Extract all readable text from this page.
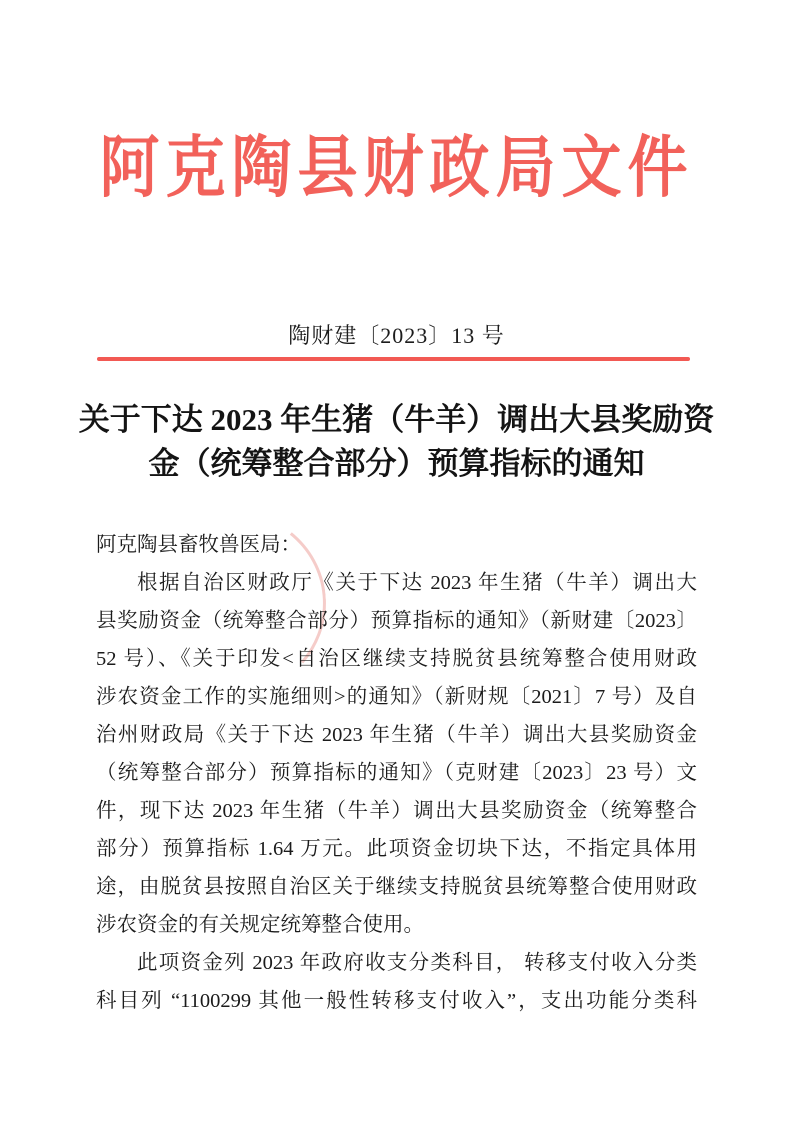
阿克陶县财政局文件
陶财建〔2023〕13 号
关于下达 2023 年生猪（牛羊）调出大县奖励资
金（统筹整合部分）预算指标的通知
阿克陶县畜牧兽医局：
根据自治区财政厅《关于下达 2023 年生猪（牛羊）调出大
县奖励资金（统筹整合部分）预算指标的通知》（新财建〔2023〕
52 号）、《关于印发<自治区继续支持脱贫县统筹整合使用财政
涉农资金工作的实施细则>的通知》（新财规〔2021〕7 号）及自
治州财政局《关于下达 2023 年生猪（牛羊）调出大县奖励资金
（统筹整合部分）预算指标的通知》（克财建〔2023〕23 号）文
件，现下达 2023 年生猪（牛羊）调出大县奖励资金（统筹整合
部分）预算指标 1.64 万元。此项资金切块下达，不指定具体用
途，由脱贫县按照自治区关于继续支持脱贫县统筹整合使用财政
涉农资金的有关规定统筹整合使用。
此项资金列 2023 年政府收支分类科目， 转移支付收入分类
科目列 “1100299 其他一般性转移支付收入”，支出功能分类科
